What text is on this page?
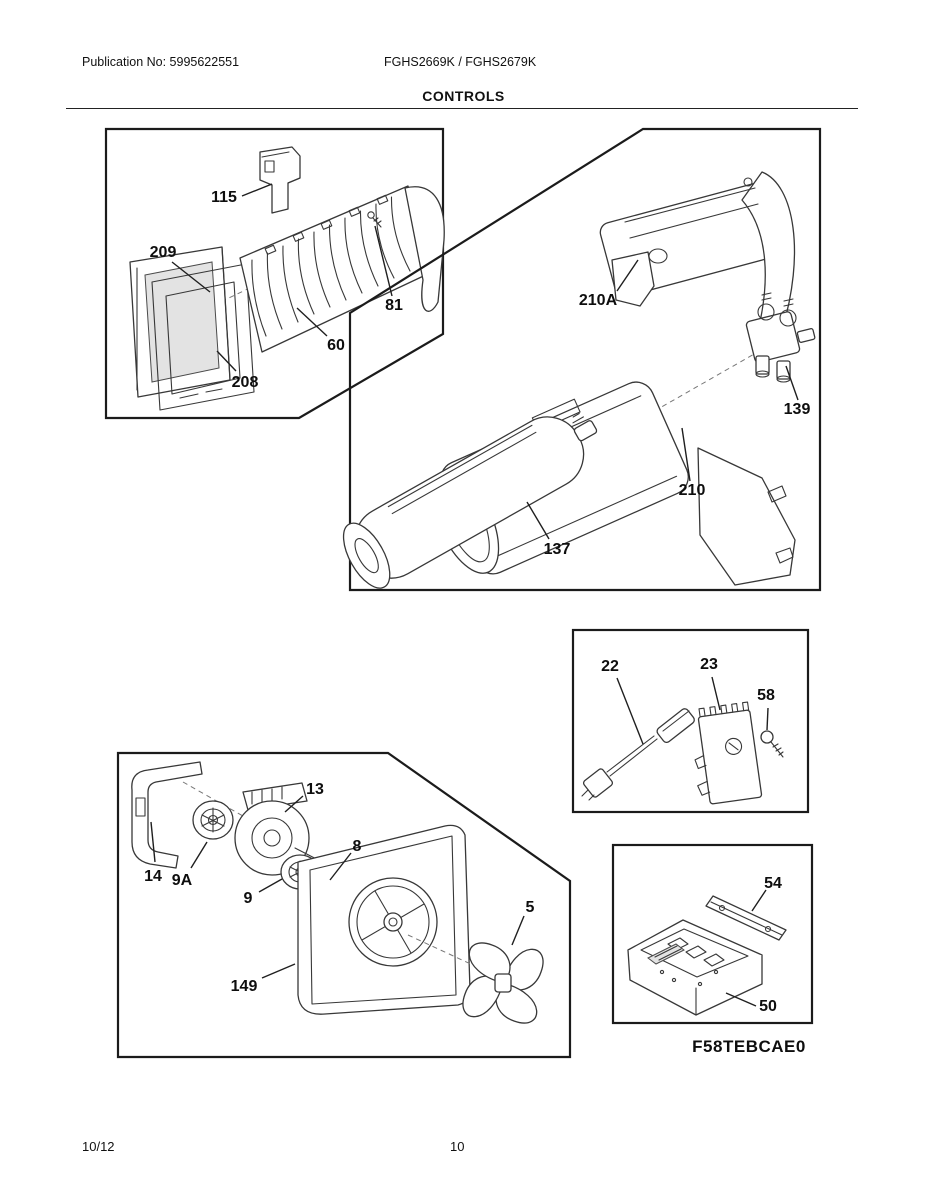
Publication No: 5995622551	FGHS2669K / FGHS2679K
CONTROLS
115
209
81
60
208
210A
139
210
137
22	23
58
13
14 9A
9
8
149
5
54
50
F58TEBCAE0
10/12	10
